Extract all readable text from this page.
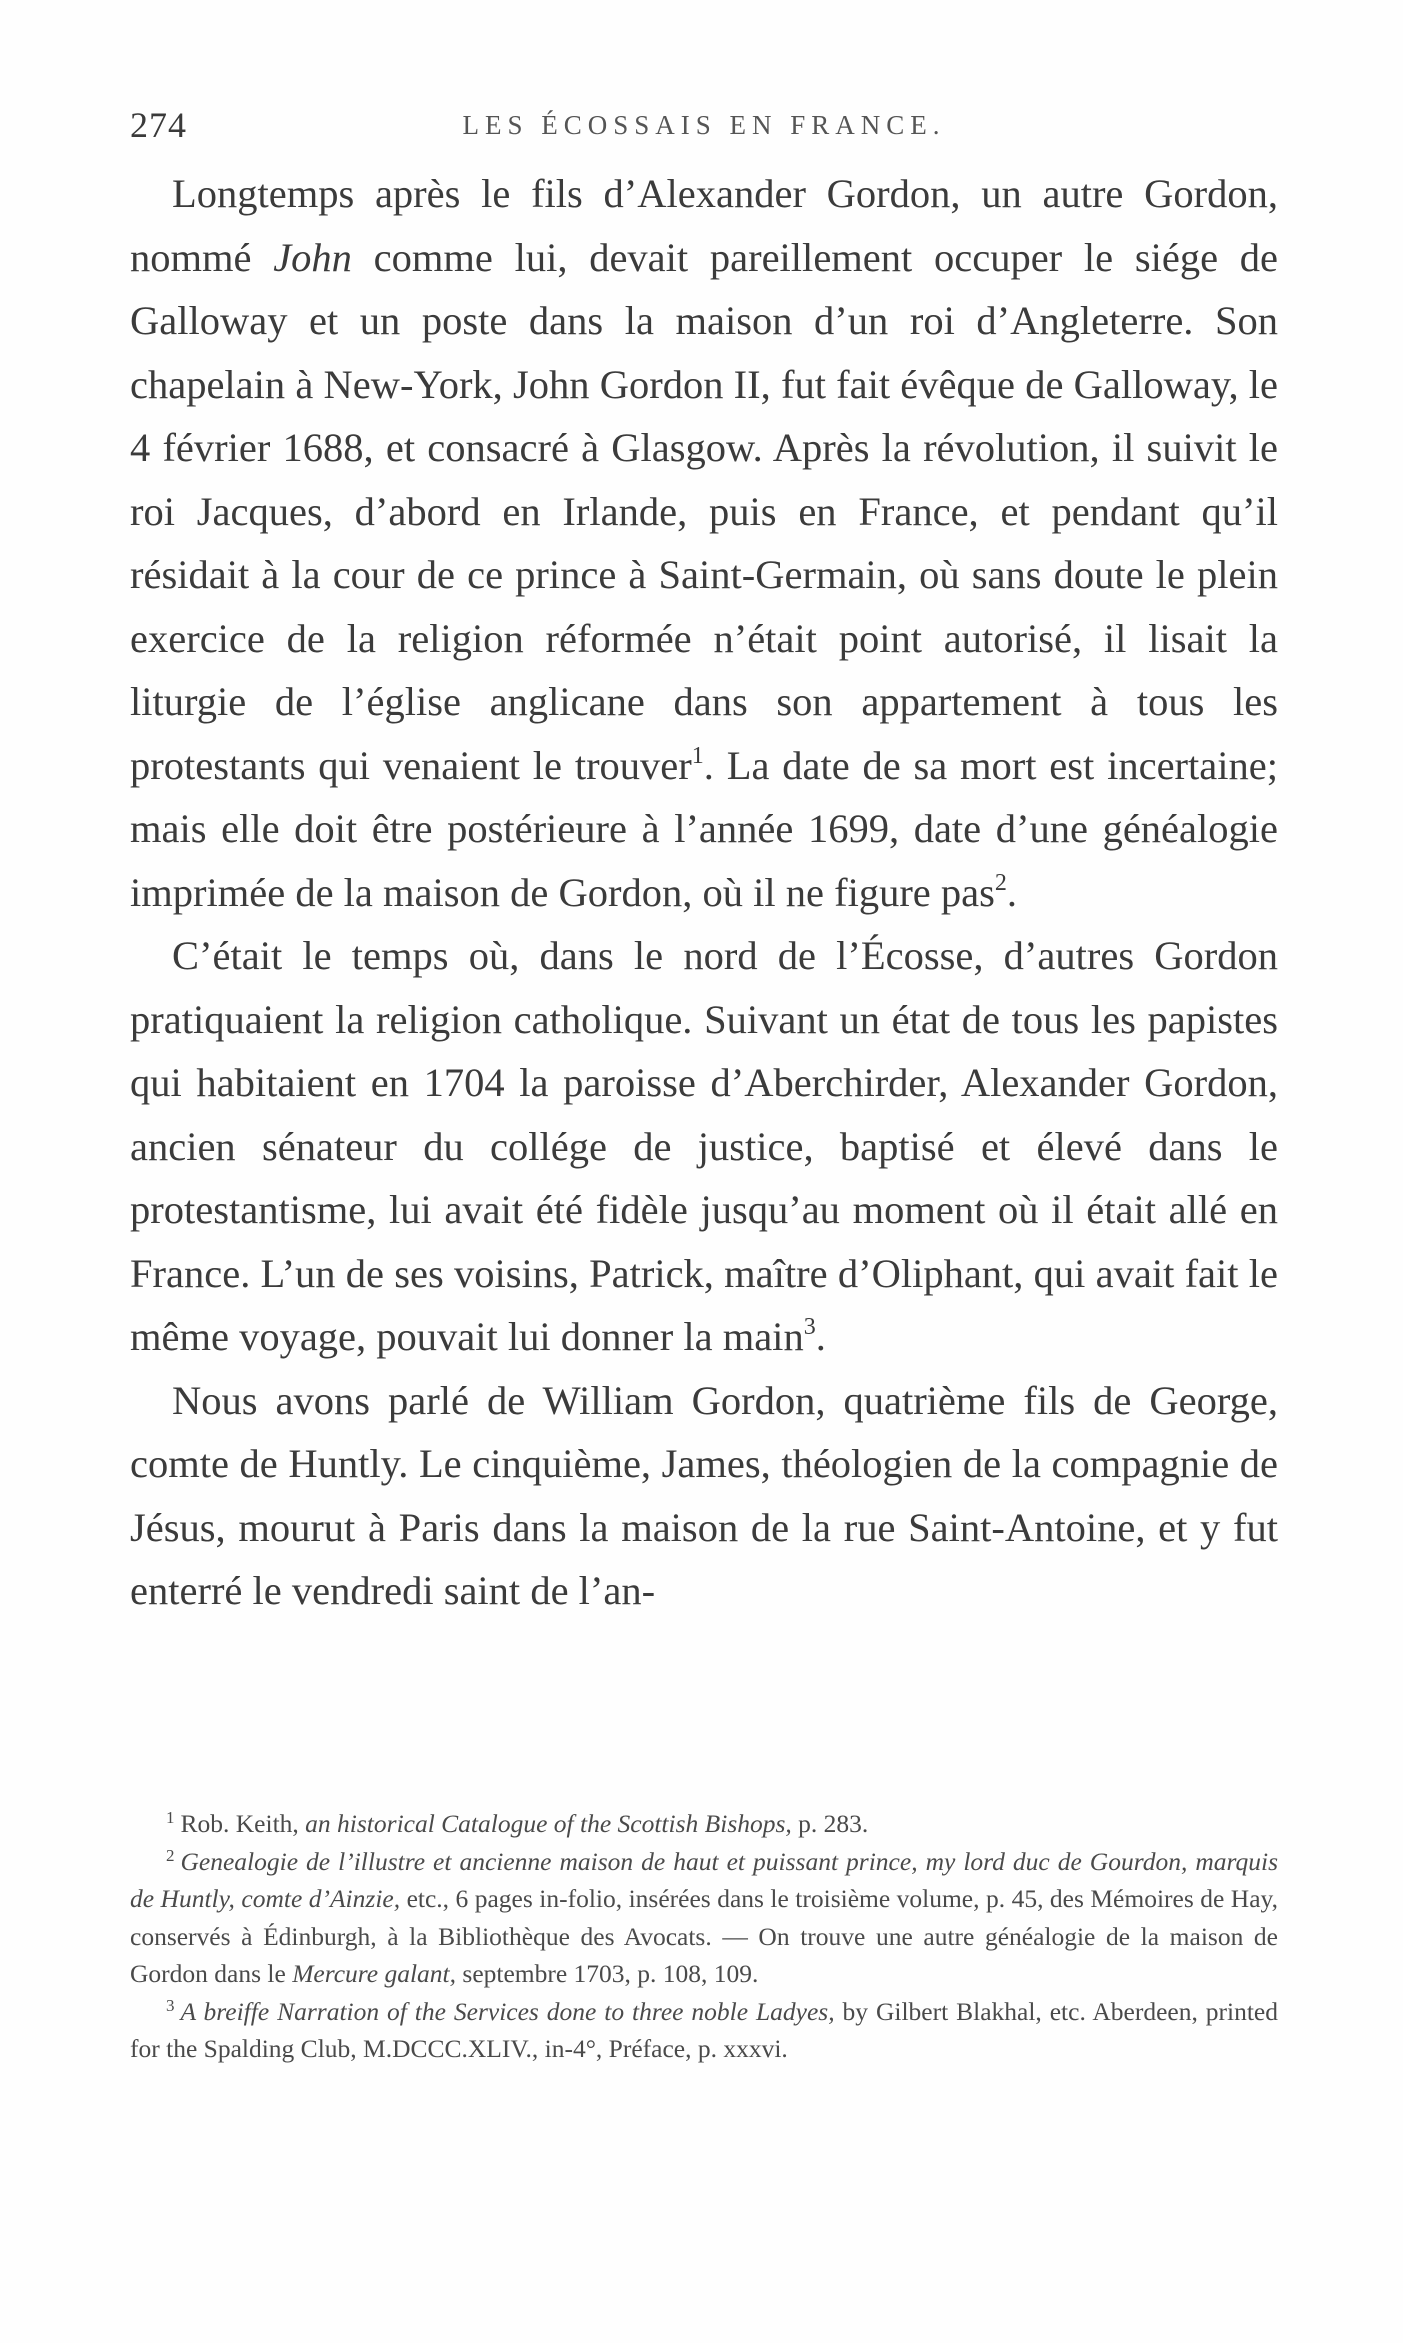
274	LES ÉCOSSAIS EN FRANCE.

Longtemps après le fils d’Alexander Gordon, un autre Gordon, nommé John comme lui, devait pareillement occuper le siége de Galloway et un poste dans la maison d’un roi d’Angleterre. Son chapelain à New-York, John Gordon II, fut fait évêque de Galloway, le 4 février 1688, et consacré à Glasgow. Après la révolution, il suivit le roi Jacques, d’abord en Irlande, puis en France, et pendant qu’il résidait à la cour de ce prince à Saint-Germain, où sans doute le plein exercice de la religion réformée n’était point autorisé, il lisait la liturgie de l’église anglicane dans son appartement à tous les protestants qui venaient le trouver$^1$. La date de sa mort est incertaine; mais elle doit être postérieure à l’année 1699, date d’une généalogie imprimée de la maison de Gordon, où il ne figure pas$^2$.

C’était le temps où, dans le nord de l’Écosse, d’autres Gordon pratiquaient la religion catholique. Suivant un état de tous les papistes qui habitaient en 1704 la paroisse d’Aberchirder, Alexander Gordon, ancien sénateur du collége de justice, baptisé et élevé dans le protestantisme, lui avait été fidèle jusqu’au moment où il était allé en France. L’un de ses voisins, Patrick, maître d’Oliphant, qui avait fait le même voyage, pouvait lui donner la main$^3$.

Nous avons parlé de William Gordon, quatrième fils de George, comte de Huntly. Le cinquième, James, théologien de la compagnie de Jésus, mourut à Paris dans la maison de la rue Saint-Antoine, et y fut enterré le vendredi saint de l’an-

$^1$ Rob. Keith, an historical Catalogue of the Scottish Bishops, p. 283.

$^2$ Genealogie de l’illustre et ancienne maison de haut et puissant prince, my lord duc de Gourdon, marquis de Huntly, comte d’Ainzie, etc., 6 pages in-folio, insérées dans le troisième volume, p. 45, des Mémoires de Hay, conservés à Édinburgh, à la Bibliothèque des Avocats. — On trouve une autre généalogie de la maison de Gordon dans le Mercure galant, septembre 1703, p. 108, 109.

$^3$ A breiffe Narration of the Services done to three noble Ladyes, by Gilbert Blakhal, etc. Aberdeen, printed for the Spalding Club, M.DCCC.XLIV., in-4°, Préface, p. xxxvi.
